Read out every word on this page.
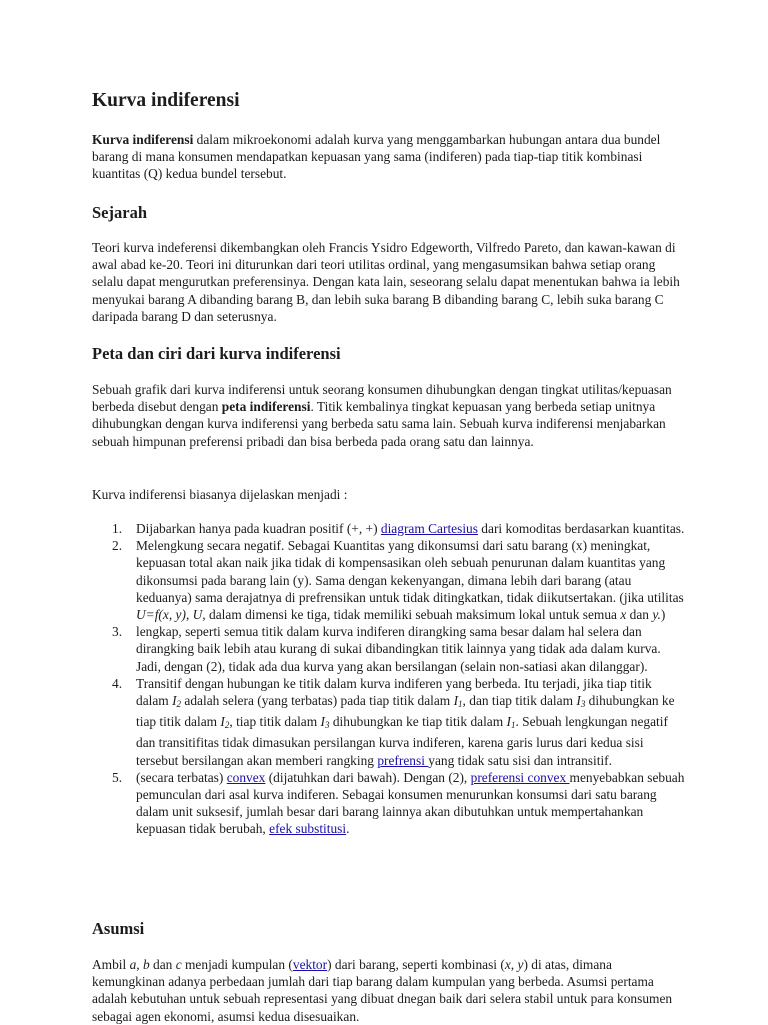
Kurva indiferensi

Kurva indiferensi dalam mikroekonomi adalah kurva yang menggambarkan hubungan antara dua bundel barang di mana konsumen mendapatkan kepuasan yang sama (indiferen) pada tiap-tiap titik kombinasi kuantitas (Q) kedua bundel tersebut.

Sejarah

Teori kurva indeferensi dikembangkan oleh Francis Ysidro Edgeworth, Vilfredo Pareto, dan kawan-kawan di awal abad ke-20. Teori ini diturunkan dari teori utilitas ordinal, yang mengasumsikan bahwa setiap orang selalu dapat mengurutkan preferensinya. Dengan kata lain, seseorang selalu dapat menentukan bahwa ia lebih menyukai barang A dibanding barang B, dan lebih suka barang B dibanding barang C, lebih suka barang C daripada barang D dan seterusnya.

Peta dan ciri dari kurva indiferensi

Sebuah grafik dari kurva indiferensi untuk seorang konsumen dihubungkan dengan tingkat utilitas/kepuasan berbeda disebut dengan peta indiferensi. Titik kembalinya tingkat kepuasan yang berbeda setiap unitnya dihubungkan dengan kurva indiferensi yang berbeda satu sama lain. Sebuah kurva indiferensi menjabarkan sebuah himpunan preferensi pribadi dan bisa berbeda pada orang satu dan lainnya.

Kurva indiferensi biasanya dijelaskan menjadi :

1. Dijabarkan hanya pada kuadran positif (+, +) diagram Cartesius dari komoditas berdasarkan kuantitas.
2. Melengkung secara negatif. Sebagai Kuantitas yang dikonsumsi dari satu barang (x) meningkat, kepuasan total akan naik jika tidak di kompensasikan oleh sebuah penurunan dalam kuantitas yang dikonsumsi pada barang lain (y). Sama dengan kekenyangan, dimana lebih dari barang (atau keduanya) sama derajatnya di prefrensikan untuk tidak ditingkatkan, tidak diikutsertakan. (jika utilitas U=f(x, y), U, dalam dimensi ke tiga, tidak memiliki sebuah maksimum lokal untuk semua x dan y.)
3. lengkap, seperti semua titik dalam kurva indiferen dirangking sama besar dalam hal selera dan dirangking baik lebih atau kurang di sukai dibandingkan titik lainnya yang tidak ada dalam kurva. Jadi, dengan (2), tidak ada dua kurva yang akan bersilangan (selain non-satiasi akan dilanggar).
4. Transitif dengan hubungan ke titik dalam kurva indiferen yang berbeda. Itu terjadi, jika tiap titik dalam $I_2$ adalah selera (yang terbatas) pada tiap titik dalam $I_1$, dan tiap titik dalam $I_3$ dihubungkan ke tiap titik dalam $I_2$, tiap titik dalam $I_3$ dihubungkan ke tiap titik dalam $I_1$. Sebuah lengkungan negatif dan transitifitas tidak dimasukan persilangan kurva indiferen, karena garis lurus dari kedua sisi tersebut bersilangan akan memberi rangking prefrensi yang tidak satu sisi dan intransitif.
5. (secara terbatas) convex (dijatuhkan dari bawah). Dengan (2), preferensi convex menyebabkan sebuah pemunculan dari asal kurva indiferen. Sebagai konsumen menurunkan konsumsi dari satu barang dalam unit suksesif, jumlah besar dari barang lainnya akan dibutuhkan untuk mempertahankan kepuasan tidak berubah, efek substitusi.
Asumsi

Ambil a, b dan c menjadi kumpulan (vektor) dari barang, seperti kombinasi (x, y) di atas, dimana kemungkinan adanya perbedaan jumlah dari tiap barang dalam kumpulan yang berbeda. Asumsi pertama adalah kebutuhan untuk sebuah representasi yang dibuat dnegan baik dari selera stabil untuk para konsumen sebagai agen ekonomi, asumsi kedua disesuaikan.
